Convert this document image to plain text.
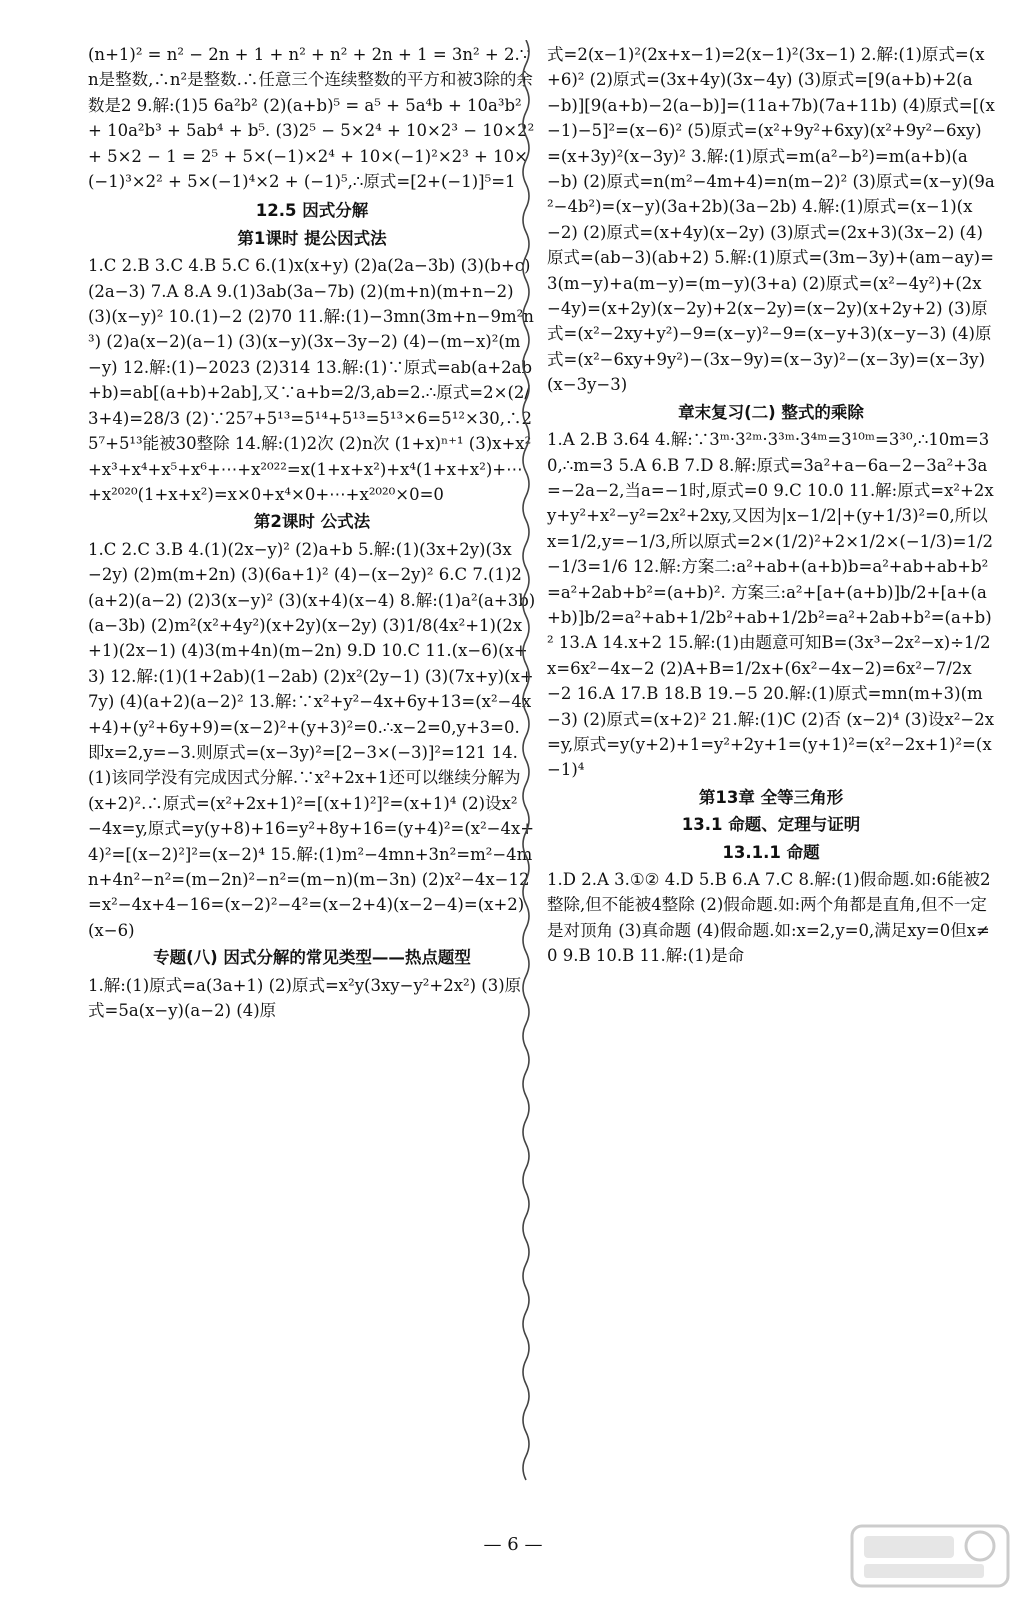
(n+1)² = n² − 2n + 1 + n² + n² + 2n + 1 = 3n² + 2.∵n是整数,∴n²是整数.∴任意三个连续整数的平方和被3除的余数是2 9.解:(1)5 6a²b² (2)(a+b)⁵ = a⁵ + 5a⁴b + 10a³b² + 10a²b³ + 5ab⁴ + b⁵. (3)2⁵ − 5×2⁴ + 10×2³ − 10×2² + 5×2 − 1 = 2⁵ + 5×(−1)×2⁴ + 10×(−1)²×2³ + 10×(−1)³×2² + 5×(−1)⁴×2 + (−1)⁵,∴原式=[2+(−1)]⁵=1

12.5 因式分解

第1课时 提公因式法

1.C 2.B 3.C 4.B 5.C 6.(1)x(x+y) (2)a(2a−3b) (3)(b+c)(2a−3) 7.A 8.A 9.(1)3ab(3a−7b) (2)(m+n)(m+n−2) (3)(x−y)² 10.(1)−2 (2)70 11.解:(1)−3mn(3m+n−9m²n³) (2)a(x−2)(a−1) (3)(x−y)(3x−3y−2) (4)−(m−x)²(m−y) 12.解:(1)−2023 (2)314 13.解:(1)∵原式=ab(a+2ab+b)=ab[(a+b)+2ab],又∵a+b=2/3,ab=2.∴原式=2×(2/3+4)=28/3 (2)∵25⁷+5¹³=5¹⁴+5¹³=5¹³×6=5¹²×30,∴25⁷+5¹³能被30整除 14.解:(1)2次 (2)n次 (1+x)ⁿ⁺¹ (3)x+x²+x³+x⁴+x⁵+x⁶+⋯+x²⁰²²=x(1+x+x²)+x⁴(1+x+x²)+⋯+x²⁰²⁰(1+x+x²)=x×0+x⁴×0+⋯+x²⁰²⁰×0=0

第2课时 公式法

1.C 2.C 3.B 4.(1)(2x−y)² (2)a+b 5.解:(1)(3x+2y)(3x−2y) (2)m(m+2n) (3)(6a+1)² (4)−(x−2y)² 6.C 7.(1)2(a+2)(a−2) (2)3(x−y)² (3)(x+4)(x−4) 8.解:(1)a²(a+3b)(a−3b) (2)m²(x²+4y²)(x+2y)(x−2y) (3)1/8(4x²+1)(2x+1)(2x−1) (4)3(m+4n)(m−2n) 9.D 10.C 11.(x−6)(x+3) 12.解:(1)(1+2ab)(1−2ab) (2)x²(2y−1) (3)(7x+y)(x+7y) (4)(a+2)(a−2)² 13.解:∵x²+y²−4x+6y+13=(x²−4x+4)+(y²+6y+9)=(x−2)²+(y+3)²=0.∴x−2=0,y+3=0.即x=2,y=−3.则原式=(x−3y)²=[2−3×(−3)]²=121 14.(1)该同学没有完成因式分解.∵x²+2x+1还可以继续分解为(x+2)².∴原式=(x²+2x+1)²=[(x+1)²]²=(x+1)⁴ (2)设x²−4x=y,原式=y(y+8)+16=y²+8y+16=(y+4)²=(x²−4x+4)²=[(x−2)²]²=(x−2)⁴ 15.解:(1)m²−4mn+3n²=m²−4mn+4n²−n²=(m−2n)²−n²=(m−n)(m−3n) (2)x²−4x−12=x²−4x+4−16=(x−2)²−4²=(x−2+4)(x−2−4)=(x+2)(x−6)

专题(八) 因式分解的常见类型——热点题型

1.解:(1)原式=a(3a+1) (2)原式=x²y(3xy−y²+2x²) (3)原式=5a(x−y)(a−2) (4)原

式=2(x−1)²(2x+x−1)=2(x−1)²(3x−1) 2.解:(1)原式=(x+6)² (2)原式=(3x+4y)(3x−4y) (3)原式=[9(a+b)+2(a−b)][9(a+b)−2(a−b)]=(11a+7b)(7a+11b) (4)原式=[(x−1)−5]²=(x−6)² (5)原式=(x²+9y²+6xy)(x²+9y²−6xy)=(x+3y)²(x−3y)² 3.解:(1)原式=m(a²−b²)=m(a+b)(a−b) (2)原式=n(m²−4m+4)=n(m−2)² (3)原式=(x−y)(9a²−4b²)=(x−y)(3a+2b)(3a−2b) 4.解:(1)原式=(x−1)(x−2) (2)原式=(x+4y)(x−2y) (3)原式=(2x+3)(3x−2) (4)原式=(ab−3)(ab+2) 5.解:(1)原式=(3m−3y)+(am−ay)=3(m−y)+a(m−y)=(m−y)(3+a) (2)原式=(x²−4y²)+(2x−4y)=(x+2y)(x−2y)+2(x−2y)=(x−2y)(x+2y+2) (3)原式=(x²−2xy+y²)−9=(x−y)²−9=(x−y+3)(x−y−3) (4)原式=(x²−6xy+9y²)−(3x−9y)=(x−3y)²−(x−3y)=(x−3y)(x−3y−3)

章末复习(二) 整式的乘除

1.A 2.B 3.64 4.解:∵3ᵐ·3²ᵐ·3³ᵐ·3⁴ᵐ=3¹⁰ᵐ=3³⁰,∴10m=30,∴m=3 5.A 6.B 7.D 8.解:原式=3a²+a−6a−2−3a²+3a=−2a−2,当a=−1时,原式=0 9.C 10.0 11.解:原式=x²+2xy+y²+x²−y²=2x²+2xy,又因为|x−1/2|+(y+1/3)²=0,所以x=1/2,y=−1/3,所以原式=2×(1/2)²+2×1/2×(−1/3)=1/2−1/3=1/6 12.解:方案二:a²+ab+(a+b)b=a²+ab+ab+b²=a²+2ab+b²=(a+b)². 方案三:a²+[a+(a+b)]b/2+[a+(a+b)]b/2=a²+ab+1/2b²+ab+1/2b²=a²+2ab+b²=(a+b)² 13.A 14.x+2 15.解:(1)由题意可知B=(3x³−2x²−x)÷1/2x=6x²−4x−2 (2)A+B=1/2x+(6x²−4x−2)=6x²−7/2x−2 16.A 17.B 18.B 19.−5 20.解:(1)原式=mn(m+3)(m−3) (2)原式=(x+2)² 21.解:(1)C (2)否 (x−2)⁴ (3)设x²−2x=y,原式=y(y+2)+1=y²+2y+1=(y+1)²=(x²−2x+1)²=(x−1)⁴

第13章 全等三角形

13.1 命题、定理与证明

13.1.1 命题

1.D 2.A 3.①② 4.D 5.B 6.A 7.C 8.解:(1)假命题.如:6能被2整除,但不能被4整除 (2)假命题.如:两个角都是直角,但不一定是对顶角 (3)真命题 (4)假命题.如:x=2,y=0,满足xy=0但x≠0 9.B 10.B 11.解:(1)是命

— 6 —
